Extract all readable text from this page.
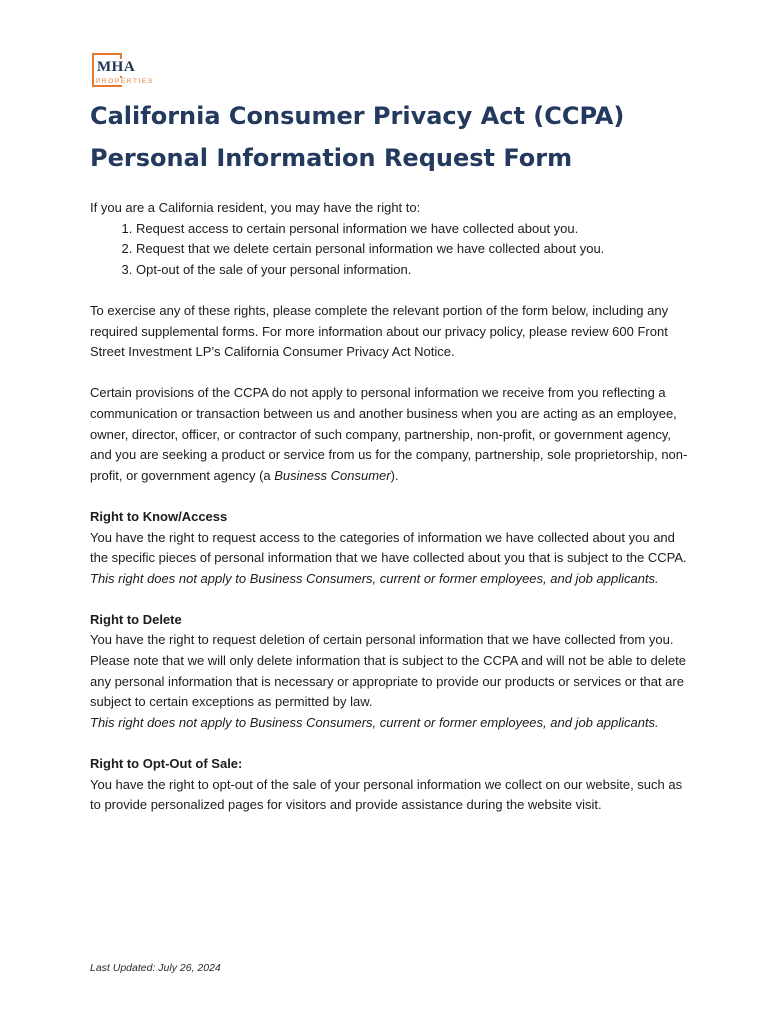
MHA
PROPERTIES
California Consumer Privacy Act (CCPA)
Personal Information Request Form

If you are a California resident, you may have the right to:

1. Request access to certain personal information we have collected about you.
2. Request that we delete certain personal information we have collected about you.
3. Opt-out of the sale of your personal information.

To exercise any of these rights, please complete the relevant portion of the form below, including any required supplemental forms. For more information about our privacy policy, please review 600 Front Street Investment LP’s California Consumer Privacy Act Notice.

Certain provisions of the CCPA do not apply to personal information we receive from you reflecting a communication or transaction between us and another business when you are acting as an employee, owner, director, officer, or contractor of such company, partnership, non-profit, or government agency, and you are seeking a product or service from us for the company, partnership, sole proprietorship, non-profit, or government agency (a Business Consumer).

Right to Know/Access

You have the right to request access to the categories of information we have collected about you and the specific pieces of personal information that we have collected about you that is subject to the CCPA.

This right does not apply to Business Consumers, current or former employees, and job applicants.

Right to Delete

You have the right to request deletion of certain personal information that we have collected from you. Please note that we will only delete information that is subject to the CCPA and will not be able to delete any personal information that is necessary or appropriate to provide our products or services or that are subject to certain exceptions as permitted by law.

This right does not apply to Business Consumers, current or former employees, and job applicants.

Right to Opt-Out of Sale:

You have the right to opt-out of the sale of your personal information we collect on our website, such as to provide personalized pages for visitors and provide assistance during the website visit.

Last Updated: July 26, 2024
